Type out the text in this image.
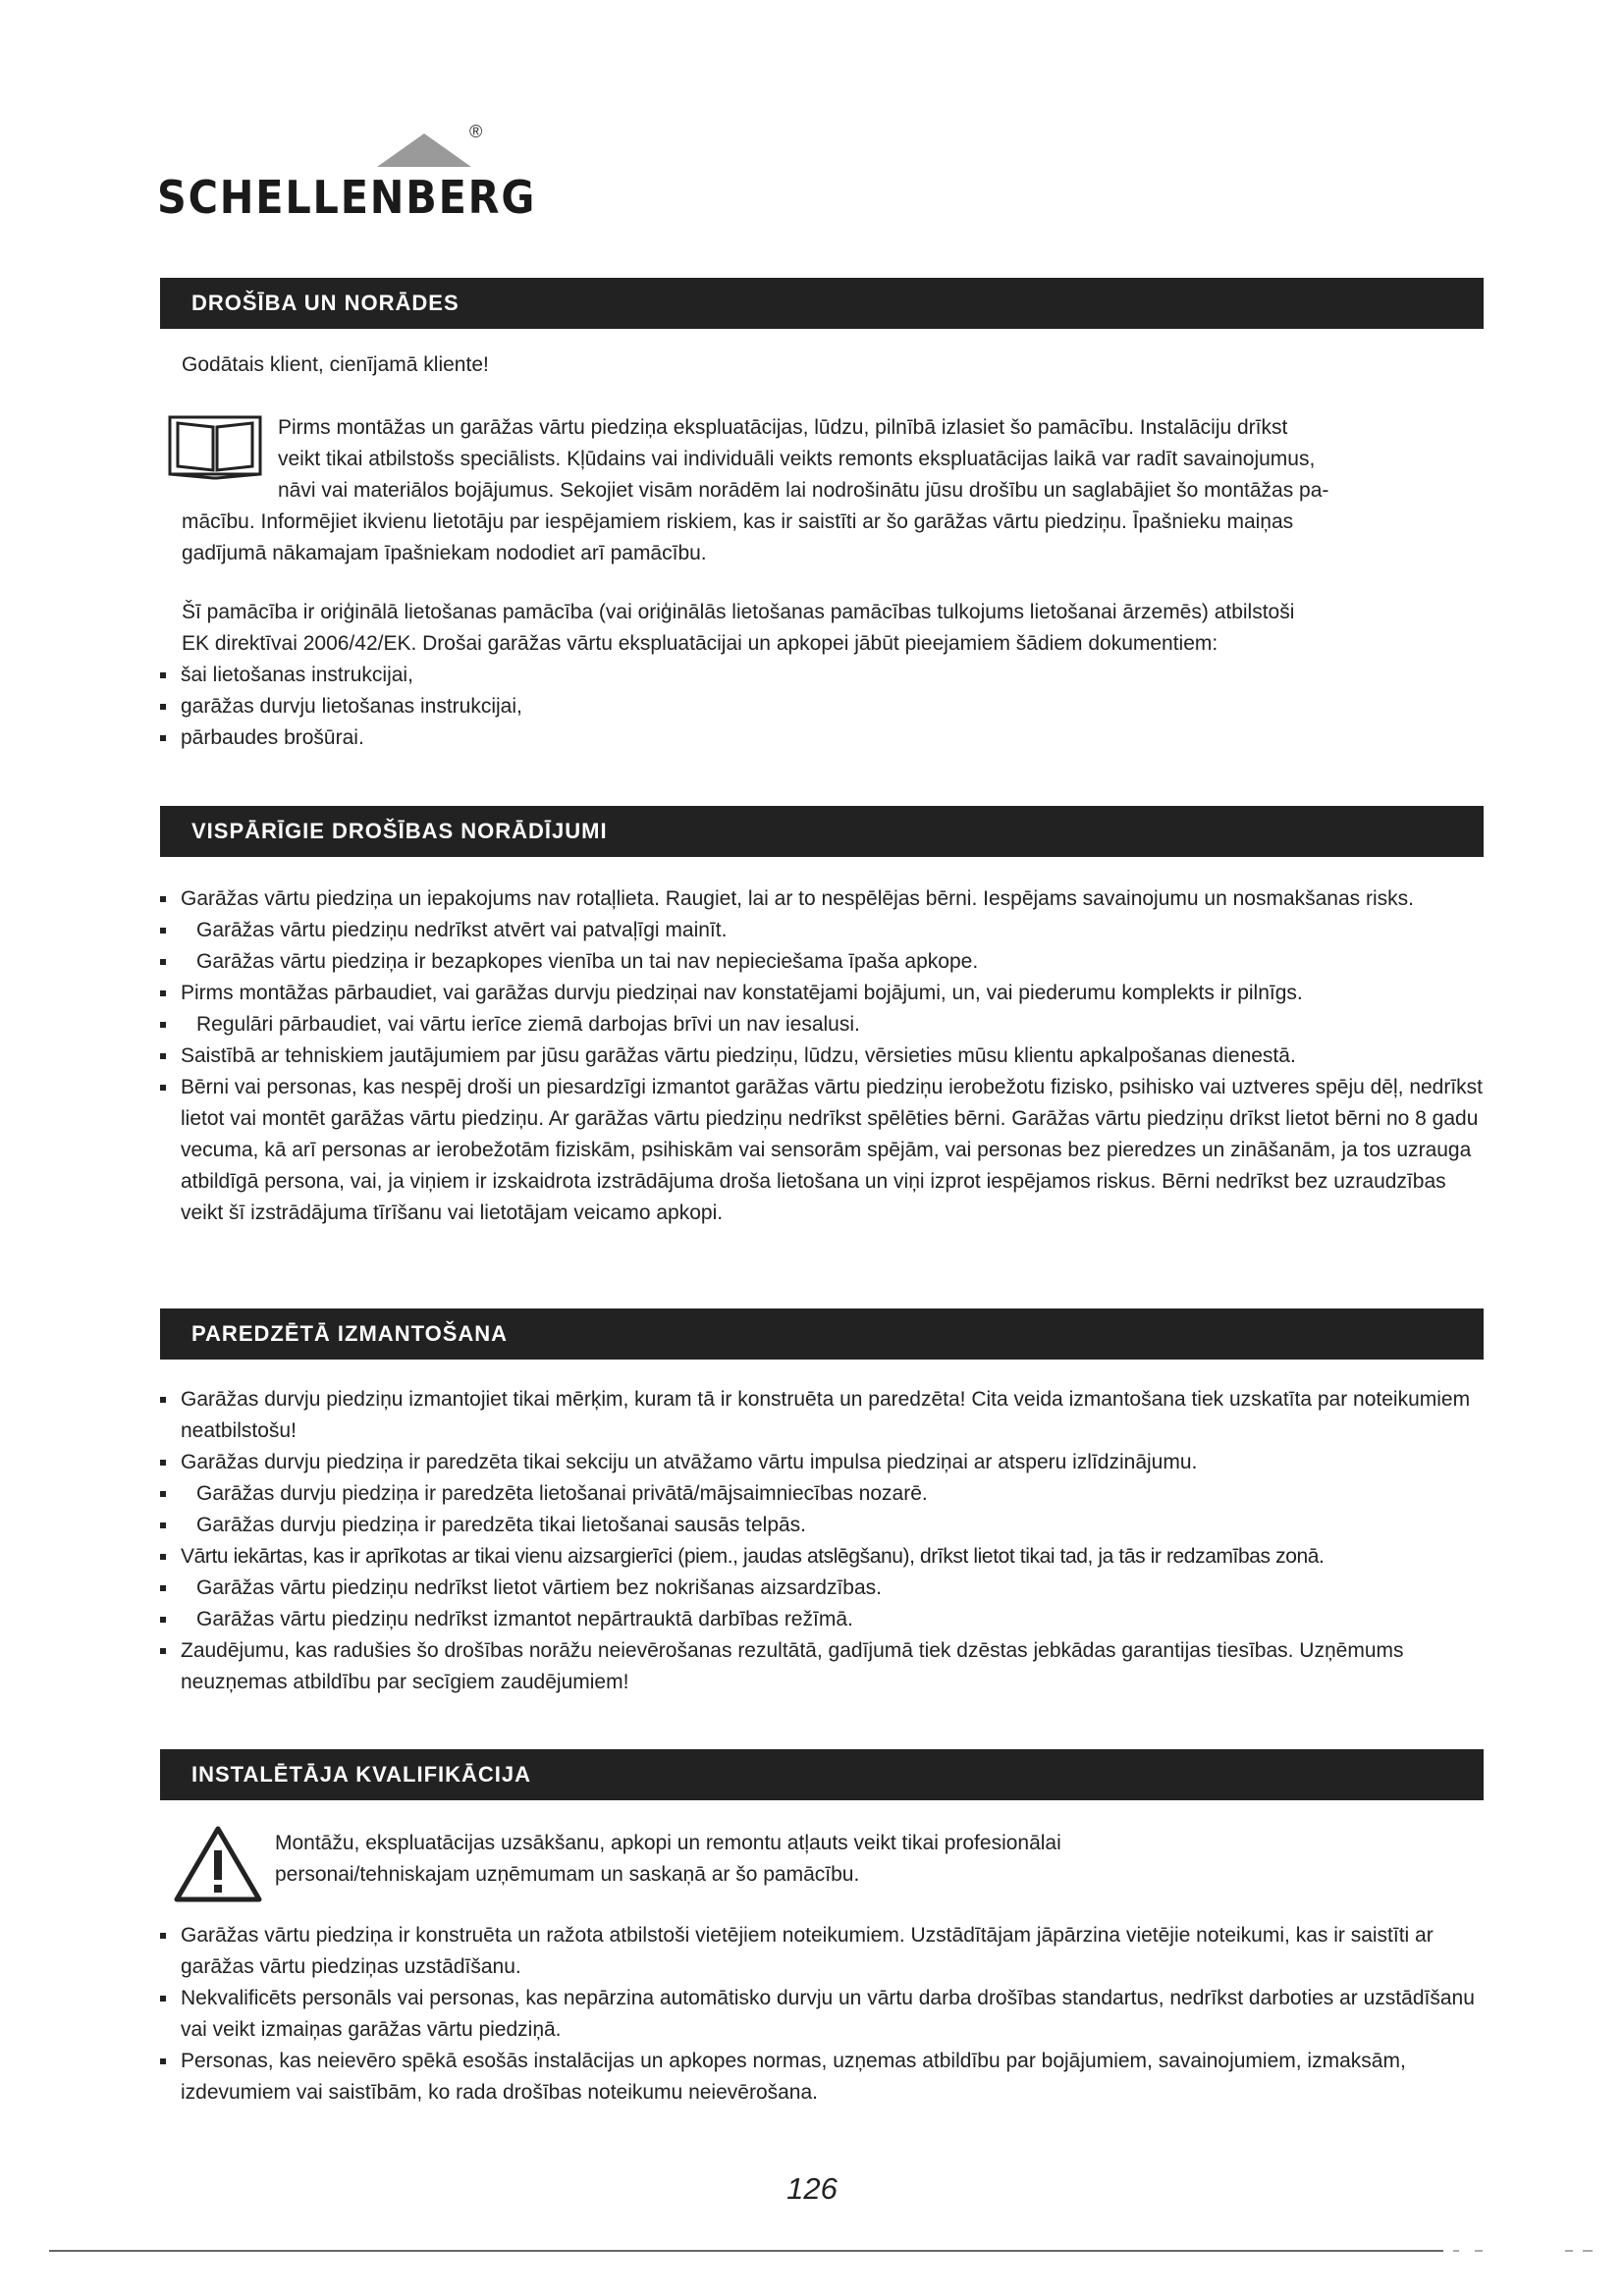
®
SCHELLENBERG
DROŠĪBA UN NORĀDES
Godātais klient, cienījamā kliente!
Pirms montāžas un garāžas vārtu piedziņa ekspluatācijas, lūdzu, pilnībā izlasiet šo pamācību. Instalāciju drīkst
veikt tikai atbilstošs speciālists. Kļūdains vai individuāli veikts remonts ekspluatācijas laikā var radīt savainojumus,
nāvi vai materiālos bojājumus. Sekojiet visām norādēm lai nodrošinātu jūsu drošību un saglabājiet šo montāžas pa-
mācību. Informējiet ikvienu lietotāju par iespējamiem riskiem, kas ir saistīti ar šo garāžas vārtu piedziņu. Īpašnieku maiņas
gadījumā nākamajam īpašniekam nododiet arī pamācību.
Šī pamācība ir oriģinālā lietošanas pamācība (vai oriģinālās lietošanas pamācības tulkojums lietošanai ārzemēs) atbilstoši
EK direktīvai 2006/42/EK. Drošai garāžas vārtu ekspluatācijai un apkopei jābūt pieejamiem šādiem dokumentiem:
šai lietošanas instrukcijai,
garāžas durvju lietošanas instrukcijai,
pārbaudes brošūrai.
VISPĀRĪGIE DROŠĪBAS NORĀDĪJUMI
Garāžas vārtu piedziņa un iepakojums nav rotaļlieta. Raugiet, lai ar to nespēlējas bērni. Iespējams savainojumu un nosmakšanas risks.
Garāžas vārtu piedziņu nedrīkst atvērt vai patvaļīgi mainīt.
Garāžas vārtu piedziņa ir bezapkopes vienība un tai nav nepieciešama īpaša apkope.
Pirms montāžas pārbaudiet, vai garāžas durvju piedziņai nav konstatējami bojājumi, un, vai piederumu komplekts ir pilnīgs.
Regulāri pārbaudiet, vai vārtu ierīce ziemā darbojas brīvi un nav iesalusi.
Saistībā ar tehniskiem jautājumiem par jūsu garāžas vārtu piedziņu, lūdzu, vērsieties mūsu klientu apkalpošanas dienestā.
Bērni vai personas, kas nespēj droši un piesardzīgi izmantot garāžas vārtu piedziņu ierobežotu fizisko, psihisko vai uztveres spēju dēļ, nedrīkst lietot vai montēt garāžas vārtu piedziņu. Ar garāžas vārtu piedziņu nedrīkst spēlēties bērni. Garāžas vārtu piedziņu drīkst lietot bērni no 8 gadu vecuma, kā arī personas ar ierobežotām fiziskām, psihiskām vai sensorām spējām, vai personas bez pieredzes un zināšanām, ja tos uzrauga atbildīgā persona, vai, ja viņiem ir izskaidrota izstrādājuma droša lietošana un viņi izprot iespējamos riskus. Bērni nedrīkst bez uzraudzības veikt šī izstrādājuma tīrīšanu vai lietotājam veicamo apkopi.
PAREDZĒTĀ IZMANTOŠANA
Garāžas durvju piedziņu izmantojiet tikai mērķim, kuram tā ir konstruēta un paredzēta! Cita veida izmantošana tiek uzskatīta par noteikumiem neatbilstošu!
Garāžas durvju piedziņa ir paredzēta tikai sekciju un atvāžamo vārtu impulsa piedziņai ar atsperu izlīdzinājumu.
Garāžas durvju piedziņa ir paredzēta lietošanai privātā/mājsaimniecības nozarē.
Garāžas durvju piedziņa ir paredzēta tikai lietošanai sausās telpās.
Vārtu iekārtas, kas ir aprīkotas ar tikai vienu aizsargierīci (piem., jaudas atslēgšanu), drīkst lietot tikai tad, ja tās ir redzamības zonā.
Garāžas vārtu piedziņu nedrīkst lietot vārtiem bez nokrišanas aizsardzības.
Garāžas vārtu piedziņu nedrīkst izmantot nepārtrauktā darbības režīmā.
Zaudējumu, kas radušies šo drošības norāžu neievērošanas rezultātā, gadījumā tiek dzēstas jebkādas garantijas tiesības. Uzņēmums neuzņemas atbildību par secīgiem zaudējumiem!
INSTALĒTĀJA KVALIFIKĀCIJA
Montāžu, ekspluatācijas uzsākšanu, apkopi un remontu atļauts veikt tikai profesionālai
personai/tehniskajam uzņēmumam un saskaņā ar šo pamācību.
Garāžas vārtu piedziņa ir konstruēta un ražota atbilstoši vietējiem noteikumiem. Uzstādītājam jāpārzina vietējie noteikumi, kas ir saistīti ar garāžas vārtu piedziņas uzstādīšanu.
Nekvalificēts personāls vai personas, kas nepārzina automātisko durvju un vārtu darba drošības standartus, nedrīkst darboties ar uzstādīšanu vai veikt izmaiņas garāžas vārtu piedziņā.
Personas, kas neievēro spēkā esošās instalācijas un apkopes normas, uzņemas atbildību par bojājumiem, savainojumiem, izmaksām, izdevumiem vai saistībām, ko rada drošības noteikumu neievērošana.
126
